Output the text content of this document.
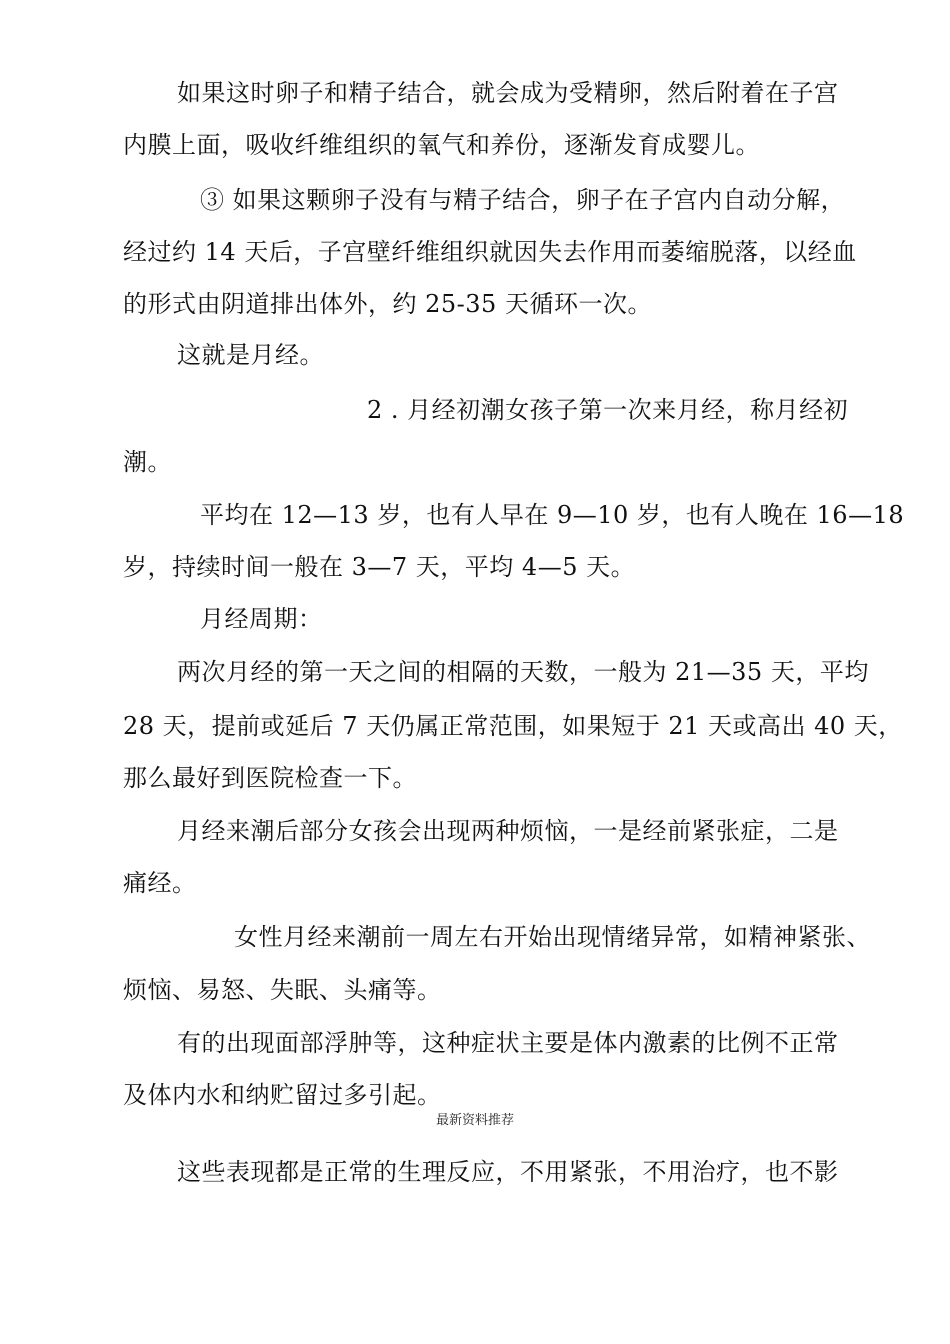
如果这时卵子和精子结合，就会成为受精卵，然后附着在子宫
内膜上面，吸收纤维组织的氧气和养份，逐渐发育成婴儿。
③ 如果这颗卵子没有与精子结合，卵子在子宫内自动分解，
经过约 14 天后，子宫壁纤维组织就因失去作用而萎缩脱落，以经血
的形式由阴道排出体外，约 25-35 天循环一次。
这就是月经。
2 . 月经初潮女孩子第一次来月经，称月经初
潮。
平均在 12—13 岁，也有人早在 9—10 岁，也有人晚在 16—18
岁，持续时间一般在 3—7 天，平均 4—5 天。
月经周期：
两次月经的第一天之间的相隔的天数，一般为 21—35 天，平均
28 天，提前或延后 7 天仍属正常范围，如果短于 21 天或高出 40 天，
那么最好到医院检查一下。
月经来潮后部分女孩会出现两种烦恼，一是经前紧张症，二是
痛经。
女性月经来潮前一周左右开始出现情绪异常，如精神紧张、
烦恼、易怒、失眠、头痛等。
有的出现面部浮肿等，这种症状主要是体内激素的比例不正常
及体内水和纳贮留过多引起。
最新资料推荐
这些表现都是正常的生理反应，不用紧张，不用治疗，也不影
